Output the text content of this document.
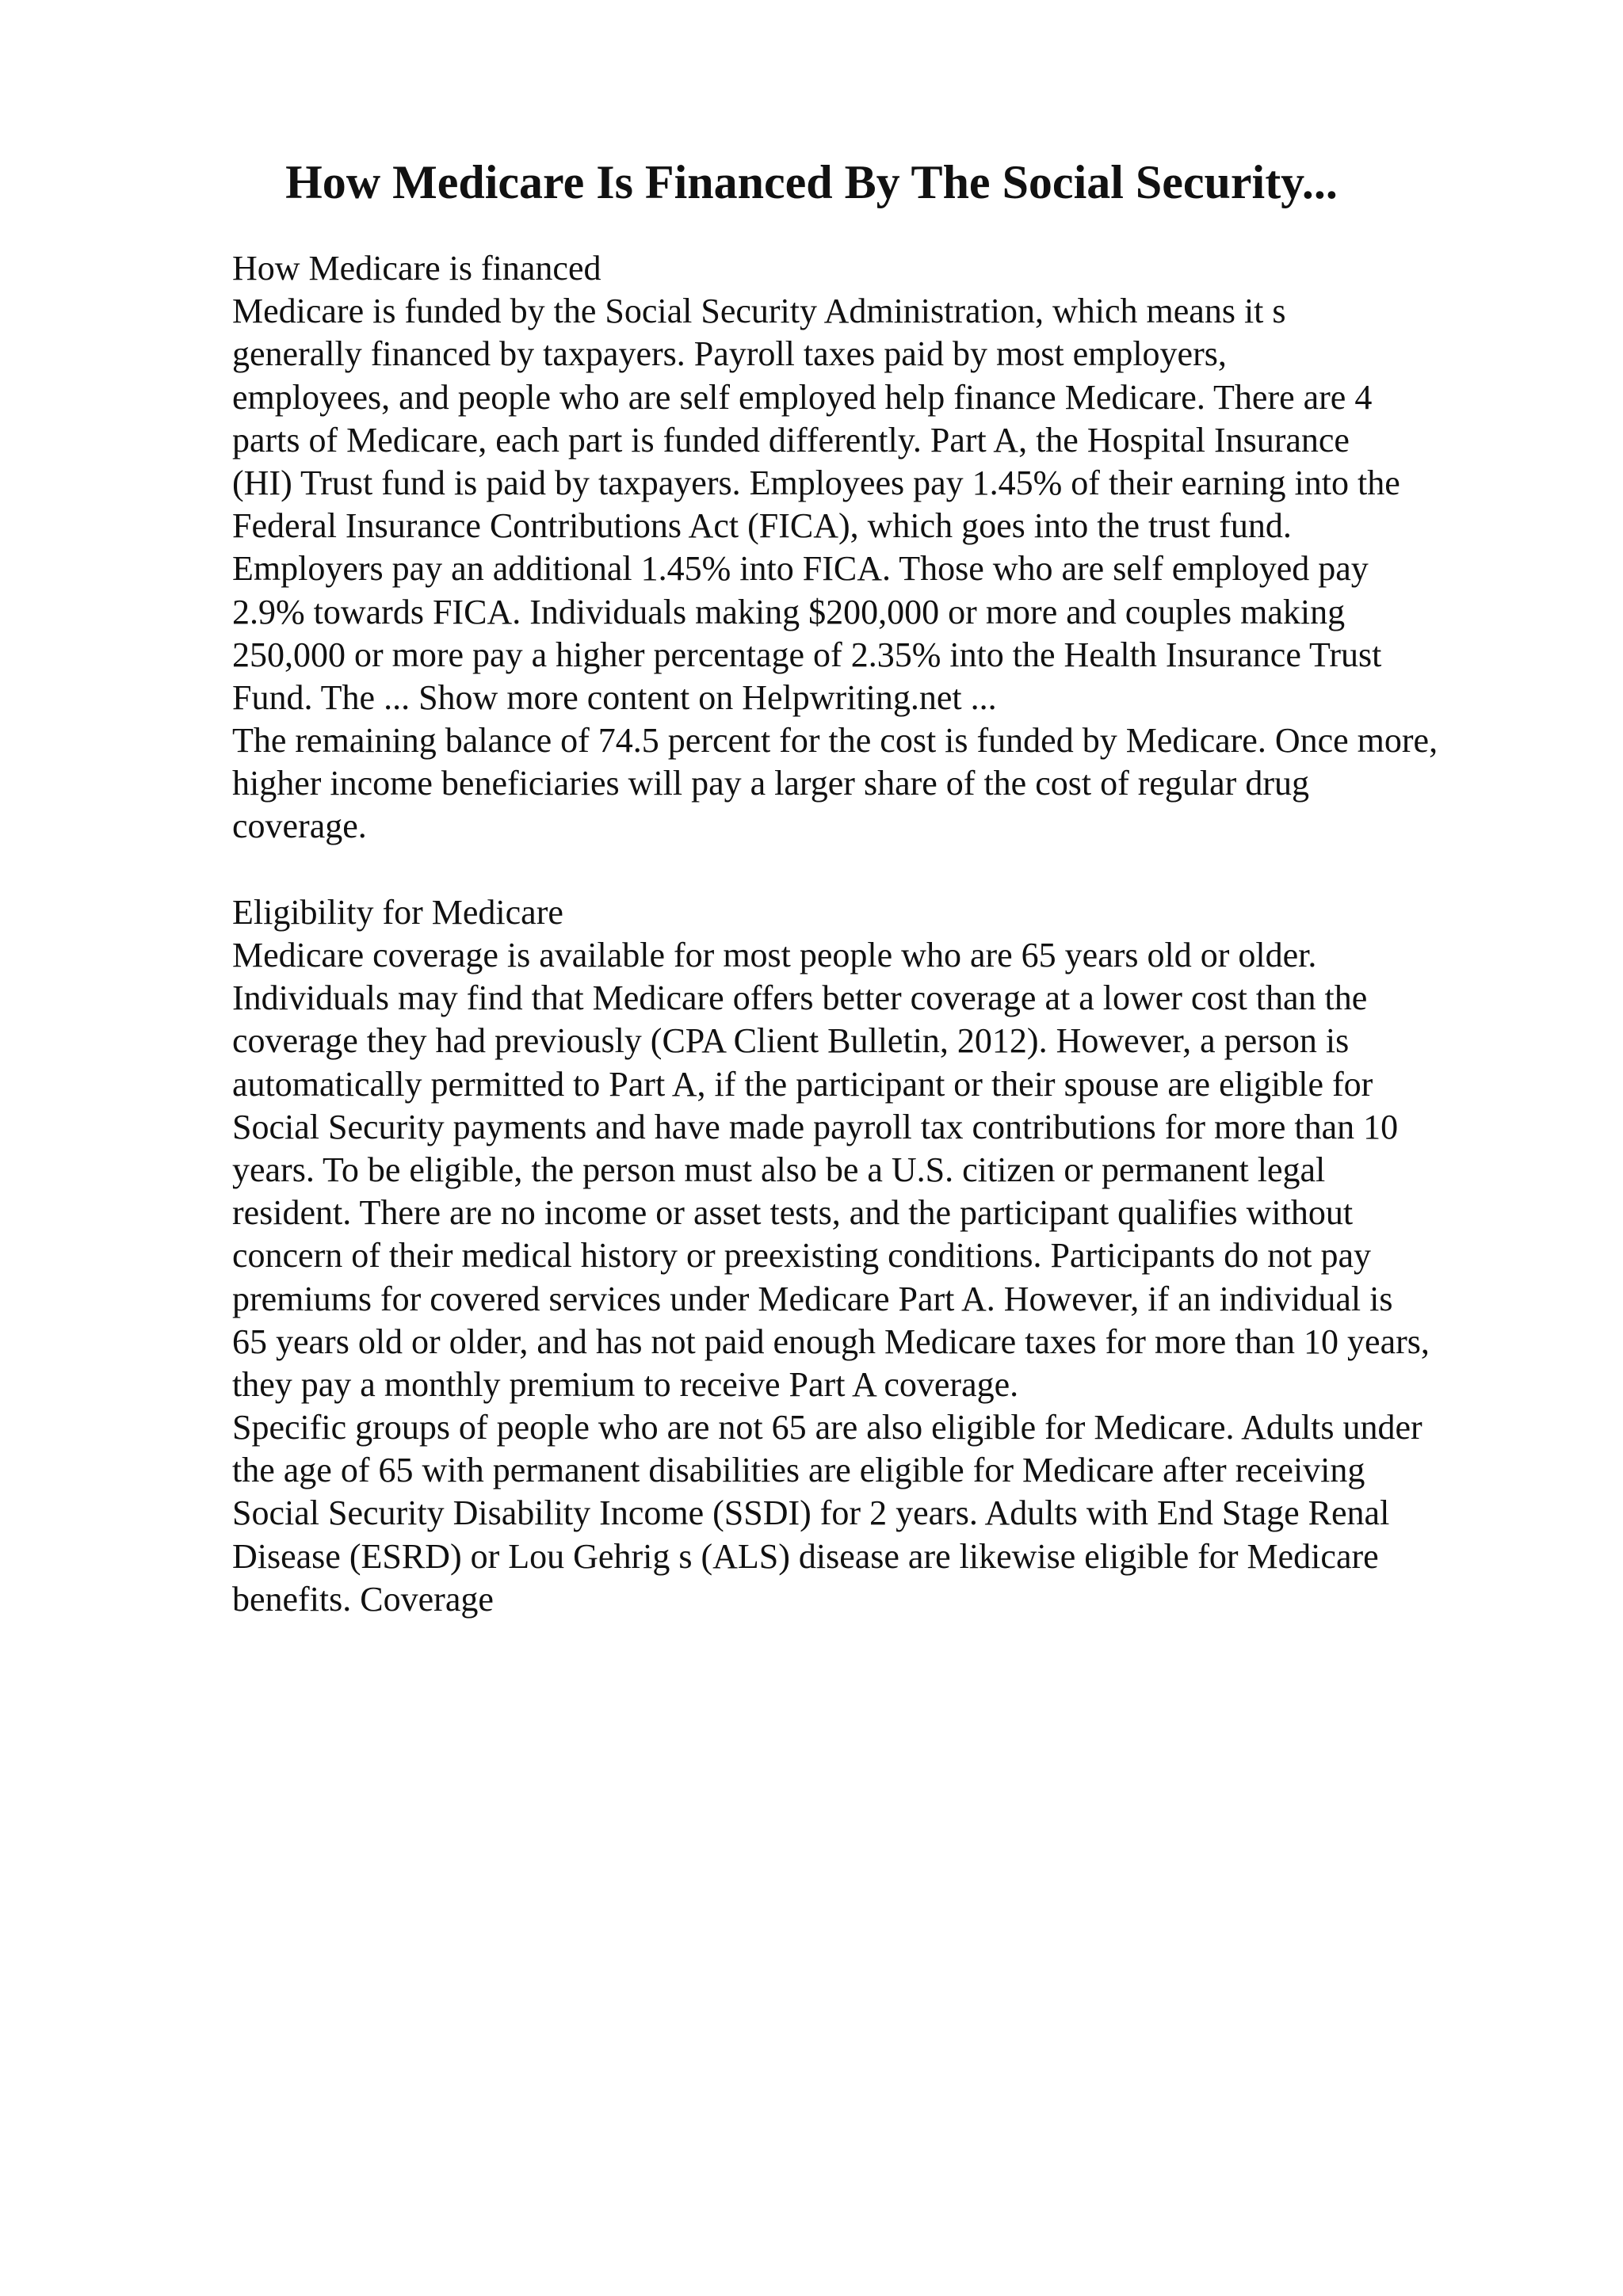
How Medicare Is Financed By The Social Security...
How Medicare is financed
Medicare is funded by the Social Security Administration, which means it s
generally financed by taxpayers. Payroll taxes paid by most employers,
employees, and people who are self employed help finance Medicare. There are 4
parts of Medicare, each part is funded differently. Part A, the Hospital Insurance
(HI) Trust fund is paid by taxpayers. Employees pay 1.45% of their earning into the
Federal Insurance Contributions Act (FICA), which goes into the trust fund.
Employers pay an additional 1.45% into FICA. Those who are self employed pay
2.9% towards FICA. Individuals making $200,000 or more and couples making
250,000 or more pay a higher percentage of 2.35% into the Health Insurance Trust
Fund. The ... Show more content on Helpwriting.net ...
The remaining balance of 74.5 percent for the cost is funded by Medicare. Once more,
higher income beneficiaries will pay a larger share of the cost of regular drug
coverage.
Eligibility for Medicare
Medicare coverage is available for most people who are 65 years old or older.
Individuals may find that Medicare offers better coverage at a lower cost than the
coverage they had previously (CPA Client Bulletin, 2012). However, a person is
automatically permitted to Part A, if the participant or their spouse are eligible for
Social Security payments and have made payroll tax contributions for more than 10
years. To be eligible, the person must also be a U.S. citizen or permanent legal
resident. There are no income or asset tests, and the participant qualifies without
concern of their medical history or preexisting conditions. Participants do not pay
premiums for covered services under Medicare Part A. However, if an individual is
65 years old or older, and has not paid enough Medicare taxes for more than 10 years,
they pay a monthly premium to receive Part A coverage.
Specific groups of people who are not 65 are also eligible for Medicare. Adults under
the age of 65 with permanent disabilities are eligible for Medicare after receiving
Social Security Disability Income (SSDI) for 2 years. Adults with End Stage Renal
Disease (ESRD) or Lou Gehrig s (ALS) disease are likewise eligible for Medicare
benefits. Coverage
